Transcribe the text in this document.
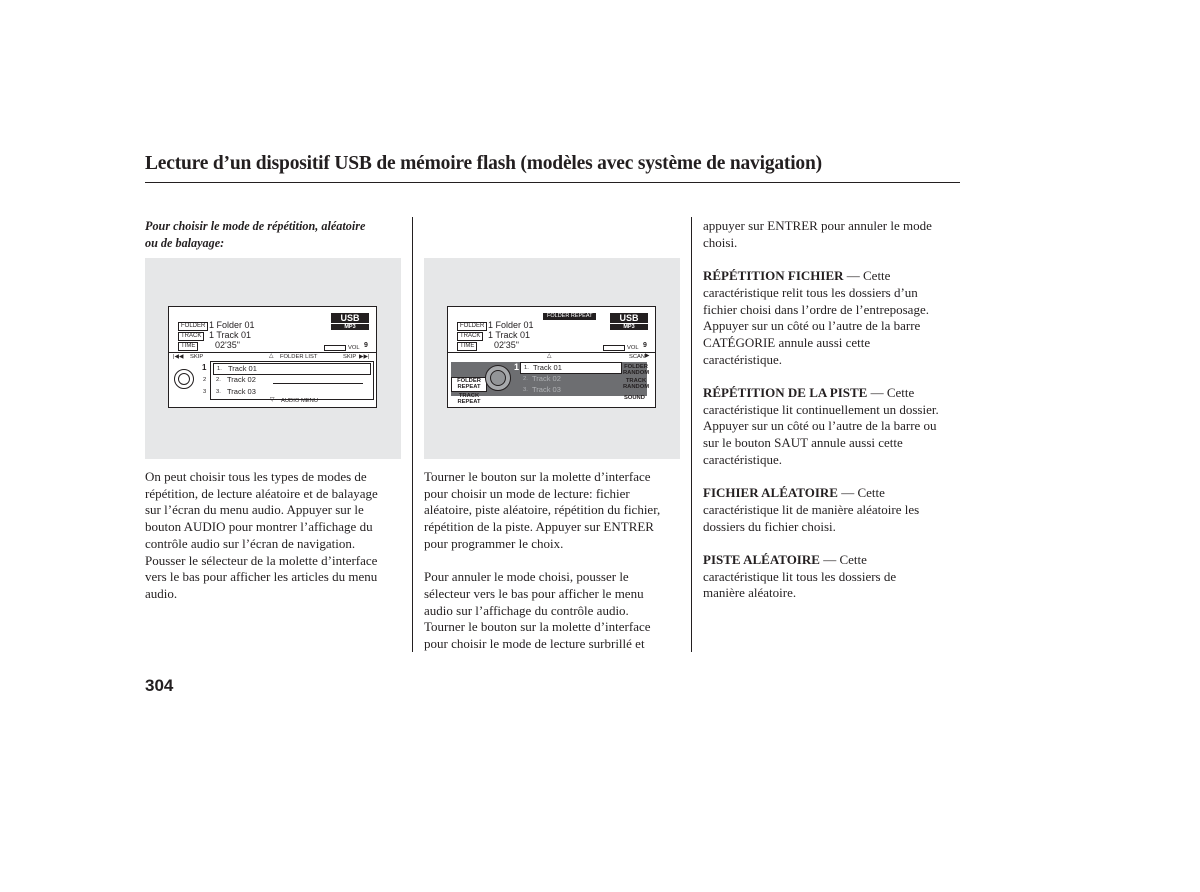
Lecture d’un dispositif USB de mémoire flash (modèles avec système de navigation)
Pour choisir le mode de répétition, aléatoire
ou de balayage:
FOLDER
TRACK
TIME
1 Folder 01
1 Track 01
02'35"
USB
MP3
VOL 9
|◀◀ SKIP	△ FOLDER LIST	SKIP ▶▶|
1
2
3
1. Track 01
2. Track 02
3. Track 03
▽ AUDIO MENU
On peut choisir tous les types de modes de
répétition, de lecture aléatoire et de balayage
sur l’écran du menu audio. Appuyer sur le
bouton AUDIO pour montrer l’affichage du
contrôle audio sur l’écran de navigation.
Pousser le sélecteur de la molette d’interface
vers le bas pour afficher les articles du menu
audio.
FOLDER
TRACK
TIME
FOLDER REPEAT
1 Folder 01
1 Track 01
02'35"
USB
MP3
VOL 9
△	SCAN ▶
FOLDER
REPEAT
TRACK
REPEAT
1 1. Track 01
2. Track 02
3. Track 03
FOLDER
RANDOM
TRACK
RANDOM
SOUND

Tourner le bouton sur la molette d’interface
pour choisir un mode de lecture: fichier
aléatoire, piste aléatoire, répétition du fichier,
répétition de la piste. Appuyer sur ENTRER
pour programmer le choix.

Pour annuler le mode choisi, pousser le
sélecteur vers le bas pour afficher le menu
audio sur l’affichage du contrôle audio.
Tourner le bouton sur la molette d’interface
pour choisir le mode de lecture surbrillé et

appuyer sur ENTRER pour annuler le mode
choisi.

RÉPÉTITION FICHIER — Cette
caractéristique relit tous les dossiers d’un
fichier choisi dans l’ordre de l’entreposage.
Appuyer sur un côté ou l’autre de la barre
CATÉGORIE annule aussi cette
caractéristique.

RÉPÉTITION DE LA PISTE — Cette
caractéristique lit continuellement un dossier.
Appuyer sur un côté ou l’autre de la barre ou
sur le bouton SAUT annule aussi cette
caractéristique.

FICHIER ALÉATOIRE — Cette
caractéristique lit de manière aléatoire les
dossiers du fichier choisi.

PISTE ALÉATOIRE — Cette
caractéristique lit tous les dossiers de
manière aléatoire.

304
